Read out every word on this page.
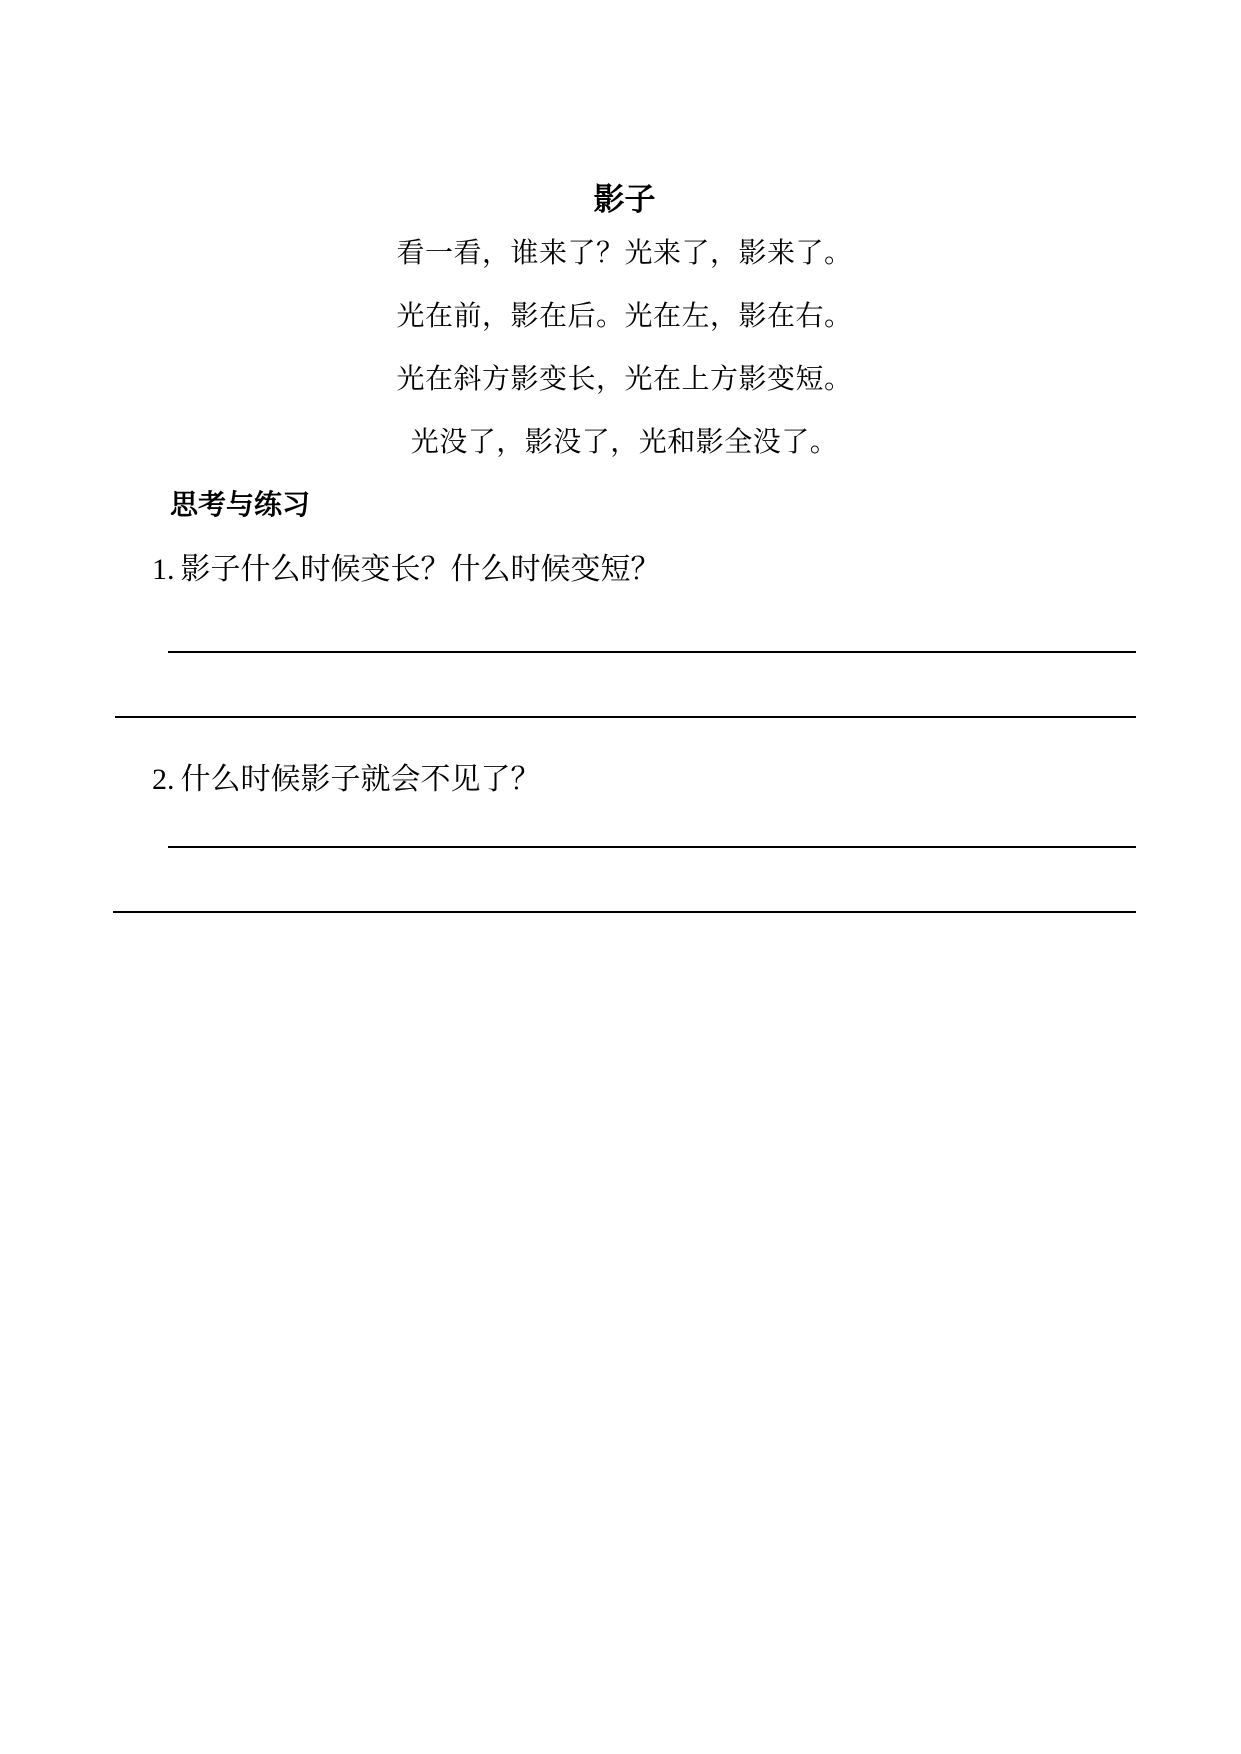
影子
看一看，谁来了？光来了，影来了。
光在前，影在后。光在左，影在右。
光在斜方影变长，光在上方影变短。
光没了，影没了，光和影全没了。
思考与练习
1. 影子什么时候变长？什么时候变短？
2. 什么时候影子就会不见了？
